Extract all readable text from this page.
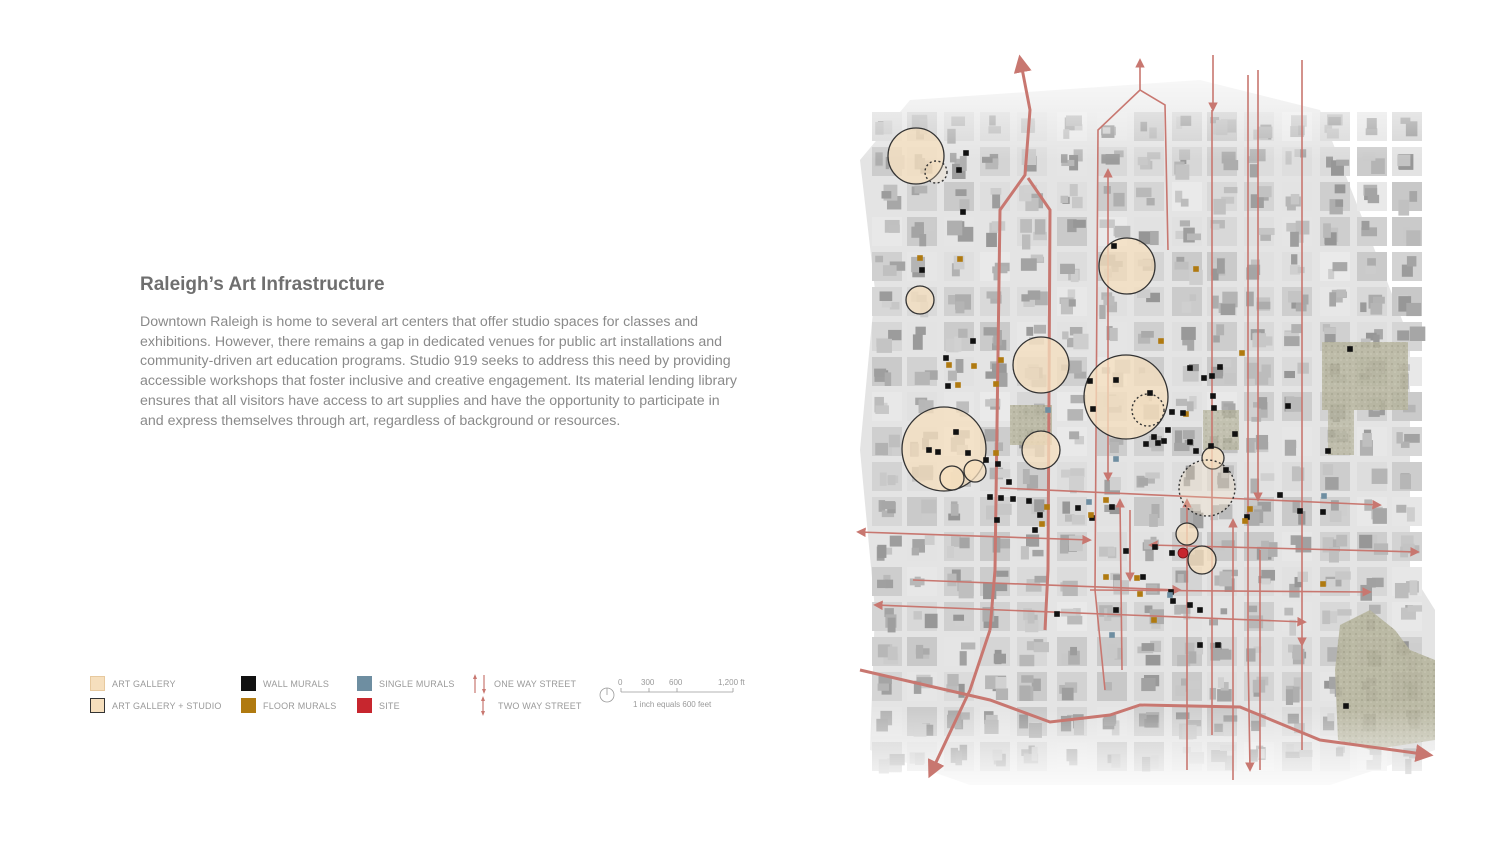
Raleigh’s Art Infrastructure
Downtown Raleigh is home to several art centers that offer studio spaces for classes and exhibitions. However, there remains a gap in dedicated venues for public art installations and community-driven art education programs. Studio 919 seeks to address this need by providing accessible workshops that foster inclusive and creative engagement. Its material lending library ensures that all visitors have access to art supplies and have the opportunity to participate in and express themselves through art, regardless of background or resources.
ART GALLERY
ART GALLERY + STUDIO
WALL MURALS
FLOOR MURALS
SINGLE MURALS
SITE
ONE WAY STREET
TWO WAY STREET
0 300 600	1,200 ft
1 inch equals 600 feet
